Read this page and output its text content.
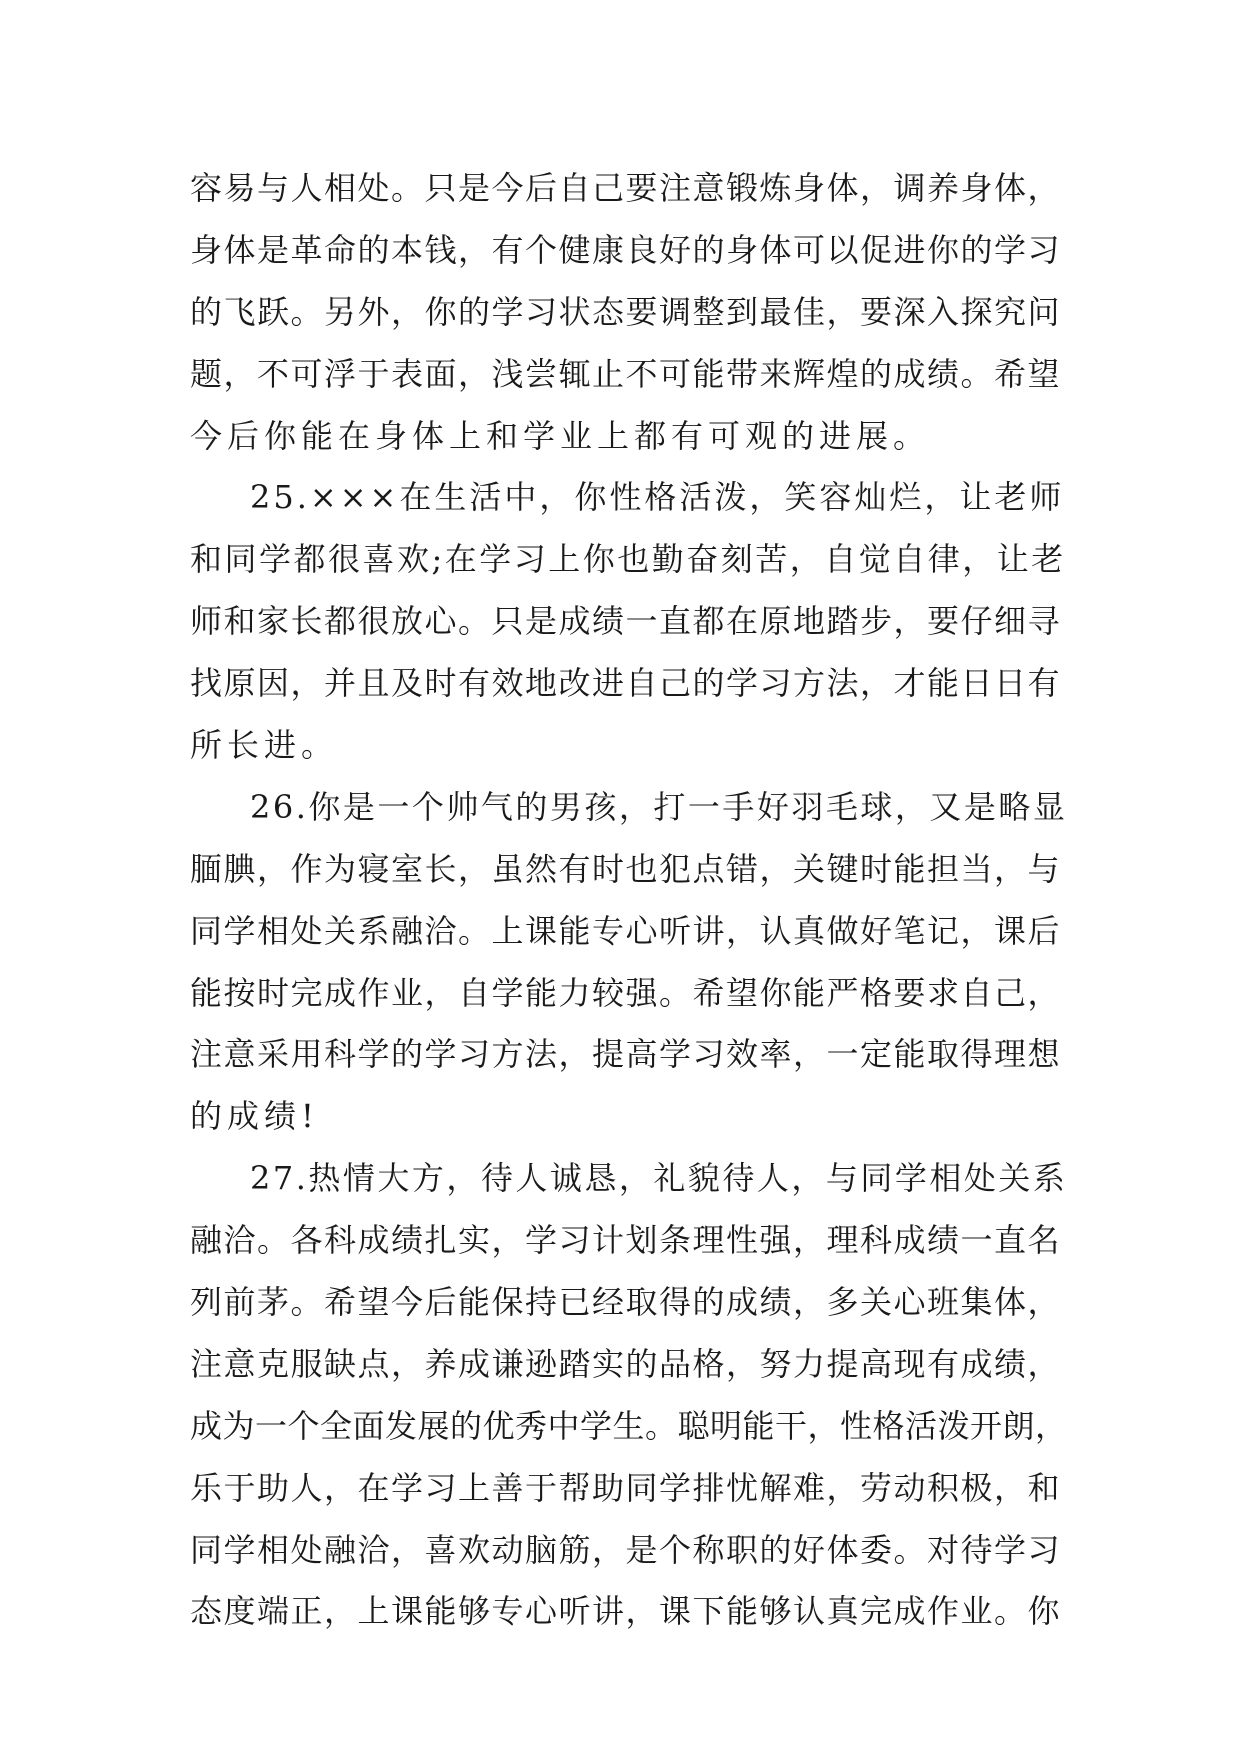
容易与人相处。只是今后自己要注意锻炼身体，调养身体，
身体是革命的本钱，有个健康良好的身体可以促进你的学习
的飞跃。另外，你的学习状态要调整到最佳，要深入探究问
题，不可浮于表面，浅尝辄止不可能带来辉煌的成绩。希望
今后你能在身体上和学业上都有可观的进展。
25.×××在生活中，你性格活泼，笑容灿烂，让老师
和同学都很喜欢;在学习上你也勤奋刻苦，自觉自律，让老
师和家长都很放心。只是成绩一直都在原地踏步，要仔细寻
找原因，并且及时有效地改进自己的学习方法，才能日日有
所长进。
26.你是一个帅气的男孩，打一手好羽毛球，又是略显
腼腆，作为寝室长，虽然有时也犯点错，关键时能担当，与
同学相处关系融洽。上课能专心听讲，认真做好笔记，课后
能按时完成作业，自学能力较强。希望你能严格要求自己，
注意采用科学的学习方法，提高学习效率，一定能取得理想
的成绩!
27.热情大方，待人诚恳，礼貌待人，与同学相处关系
融洽。各科成绩扎实，学习计划条理性强，理科成绩一直名
列前茅。希望今后能保持已经取得的成绩，多关心班集体，
注意克服缺点，养成谦逊踏实的品格，努力提高现有成绩，
成为一个全面发展的优秀中学生。聪明能干，性格活泼开朗，
乐于助人，在学习上善于帮助同学排忧解难，劳动积极，和
同学相处融洽，喜欢动脑筋，是个称职的好体委。对待学习
态度端正，上课能够专心听讲，课下能够认真完成作业。你
